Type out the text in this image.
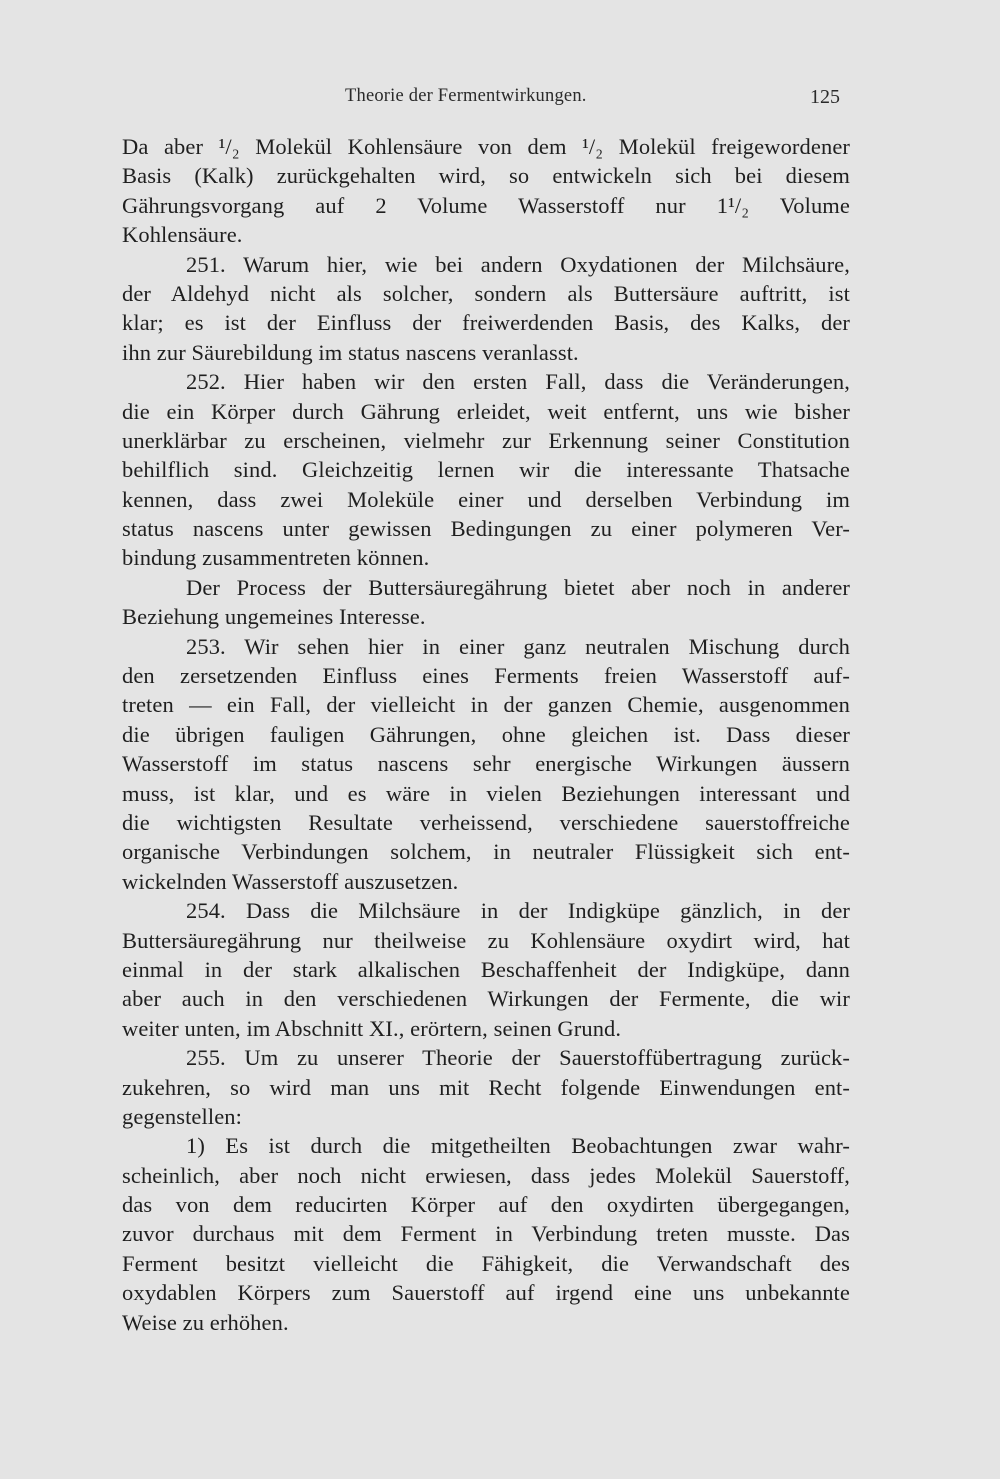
Theorie der Fermentwirkungen.	125
Da aber ¹/₂ Molekül Kohlensäure von dem ¹/₂ Molekül freigewordener
Basis (Kalk) zurückgehalten wird, so entwickeln sich bei diesem
Gährungsvorgang auf 2 Volume Wasserstoff nur 1¹/₂ Volume
Kohlensäure.
251. Warum hier, wie bei andern Oxydationen der Milchsäure,
der Aldehyd nicht als solcher, sondern als Buttersäure auftritt, ist
klar; es ist der Einfluss der freiwerdenden Basis, des Kalks, der
ihn zur Säurebildung im status nascens veranlasst.
252. Hier haben wir den ersten Fall, dass die Veränderungen,
die ein Körper durch Gährung erleidet, weit entfernt, uns wie bisher
unerklärbar zu erscheinen, vielmehr zur Erkennung seiner Constitution
behilflich sind. Gleichzeitig lernen wir die interessante Thatsache
kennen, dass zwei Moleküle einer und derselben Verbindung im
status nascens unter gewissen Bedingungen zu einer polymeren Ver-
bindung zusammentreten können.
Der Process der Buttersäuregährung bietet aber noch in anderer
Beziehung ungemeines Interesse.
253. Wir sehen hier in einer ganz neutralen Mischung durch
den zersetzenden Einfluss eines Ferments freien Wasserstoff auf-
treten — ein Fall, der vielleicht in der ganzen Chemie, ausgenommen
die übrigen fauligen Gährungen, ohne gleichen ist. Dass dieser
Wasserstoff im status nascens sehr energische Wirkungen äussern
muss, ist klar, und es wäre in vielen Beziehungen interessant und
die wichtigsten Resultate verheissend, verschiedene sauerstoffreiche
organische Verbindungen solchem, in neutraler Flüssigkeit sich ent-
wickelnden Wasserstoff auszusetzen.
254. Dass die Milchsäure in der Indigküpe gänzlich, in der
Buttersäuregährung nur theilweise zu Kohlensäure oxydirt wird, hat
einmal in der stark alkalischen Beschaffenheit der Indigküpe, dann
aber auch in den verschiedenen Wirkungen der Fermente, die wir
weiter unten, im Abschnitt XI., erörtern, seinen Grund.
255. Um zu unserer Theorie der Sauerstoffübertragung zurück-
zukehren, so wird man uns mit Recht folgende Einwendungen ent-
gegenstellen:
1) Es ist durch die mitgetheilten Beobachtungen zwar wahr-
scheinlich, aber noch nicht erwiesen, dass jedes Molekül Sauerstoff,
das von dem reducirten Körper auf den oxydirten übergegangen,
zuvor durchaus mit dem Ferment in Verbindung treten musste. Das
Ferment besitzt vielleicht die Fähigkeit, die Verwandschaft des
oxydablen Körpers zum Sauerstoff auf irgend eine uns unbekannte
Weise zu erhöhen.
